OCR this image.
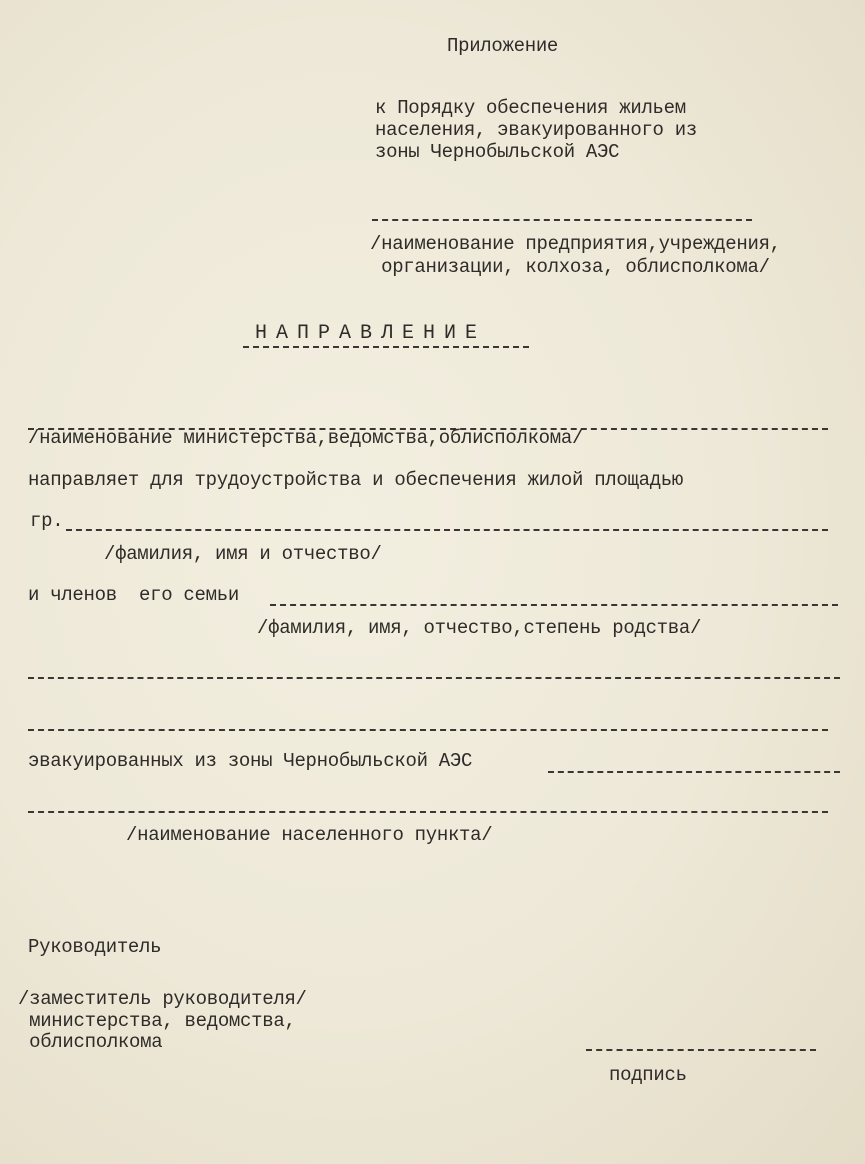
Приложение
к Порядку обеспечения жильем
населения, эвакуированного из
зоны Чернобыльской АЭС
/наименование предприятия,учреждения,
организации, колхоза, облисполкома/
НАПРАВЛЕНИЕ
/наименование министерства,ведомства,облисполкома/
направляет для трудоустройства и обеспечения жилой площадью
гр.
/фамилия, имя и отчество/
и членов  его семьи
/фамилия, имя, отчество,степень родства/
эвакуированных из зоны Чернобыльской АЭС
/наименование населенного пункта/
Руководитель
/заместитель руководителя/
министерства, ведомства,
облисполкома
подпись
